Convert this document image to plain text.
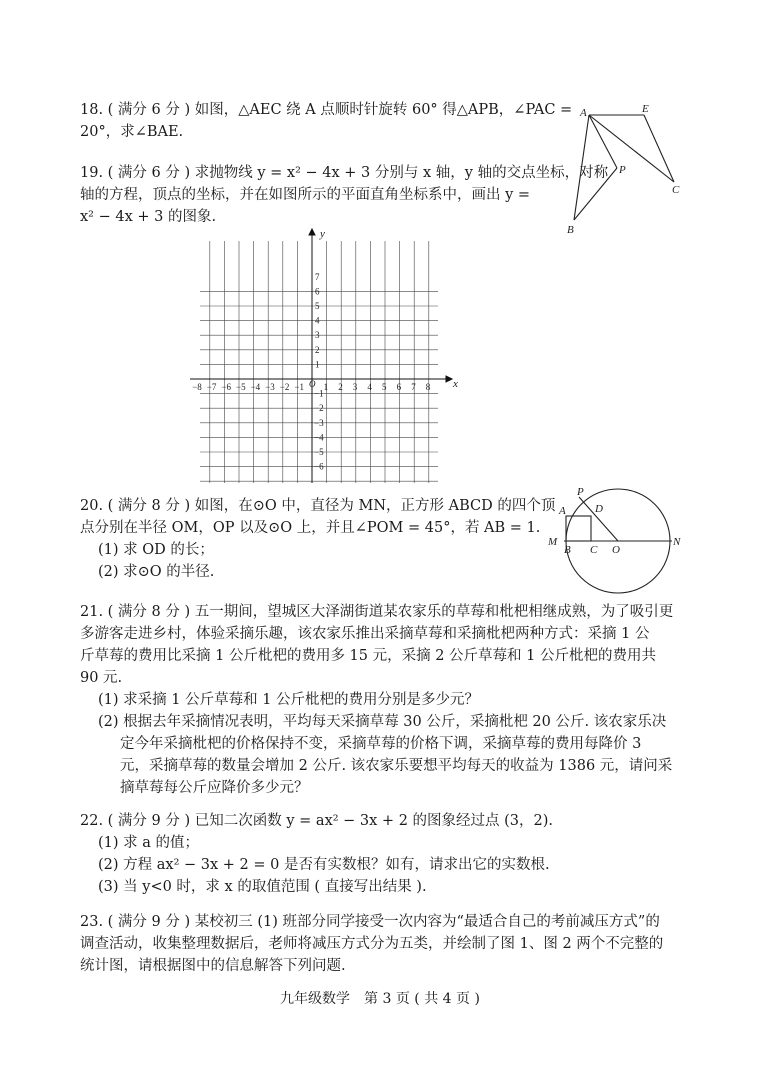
18. ( 满分 6 分 ) 如图，△AEC 绕 A 点顺时针旋转 60° 得△APB，∠PAC =
20°，求∠BAE.
A	E
P
C
B
19. ( 满分 6 分 ) 求抛物线 y = x² − 4x + 3 分别与 x 轴，y 轴的交点坐标，对称
轴的方程，顶点的坐标，并在如图所示的平面直角坐标系中，画出 y =
x² − 4x + 3 的图象.
−8 −7 −6 −5 −4 −3 −2 −1 1 2 3 4 5 6 7 8
1
2
3
4
5
6
7
−1
−2
−3
−4
−5
−6
y
x
O
20. ( 满分 8 分 ) 如图，在⊙O 中，直径为 MN，正方形 ABCD 的四个顶
点分别在半径 OM，OP 以及⊙O 上，并且∠POM = 45°，若 AB = 1.
(1) 求 OD 的长；
(2) 求⊙O 的半径.
P
A	D
M
B C O
N
21. ( 满分 8 分 ) 五一期间，望城区大泽湖街道某农家乐的草莓和枇杷相继成熟，为了吸引更
多游客走进乡村，体验采摘乐趣，该农家乐推出采摘草莓和采摘枇杷两种方式：采摘 1 公
斤草莓的费用比采摘 1 公斤枇杷的费用多 15 元，采摘 2 公斤草莓和 1 公斤枇杷的费用共
90 元.
(1) 求采摘 1 公斤草莓和 1 公斤枇杷的费用分别是多少元？
(2) 根据去年采摘情况表明，平均每天采摘草莓 30 公斤，采摘枇杷 20 公斤. 该农家乐决
定今年采摘枇杷的价格保持不变，采摘草莓的价格下调，采摘草莓的费用每降价 3
元，采摘草莓的数量会增加 2 公斤. 该农家乐要想平均每天的收益为 1386 元，请问采
摘草莓每公斤应降价多少元？
22. ( 满分 9 分 ) 已知二次函数 y = ax² − 3x + 2 的图象经过点 (3，2).
(1) 求 a 的值；
(2) 方程 ax² − 3x + 2 = 0 是否有实数根？如有，请求出它的实数根.
(3) 当 y<0 时，求 x 的取值范围 ( 直接写出结果 ).
23. ( 满分 9 分 ) 某校初三 (1) 班部分同学接受一次内容为“最适合自己的考前减压方式”的
调查活动，收集整理数据后，老师将减压方式分为五类，并绘制了图 1、图 2 两个不完整的
统计图，请根据图中的信息解答下列问题.
九年级数学　第 3 页 ( 共 4 页 )
